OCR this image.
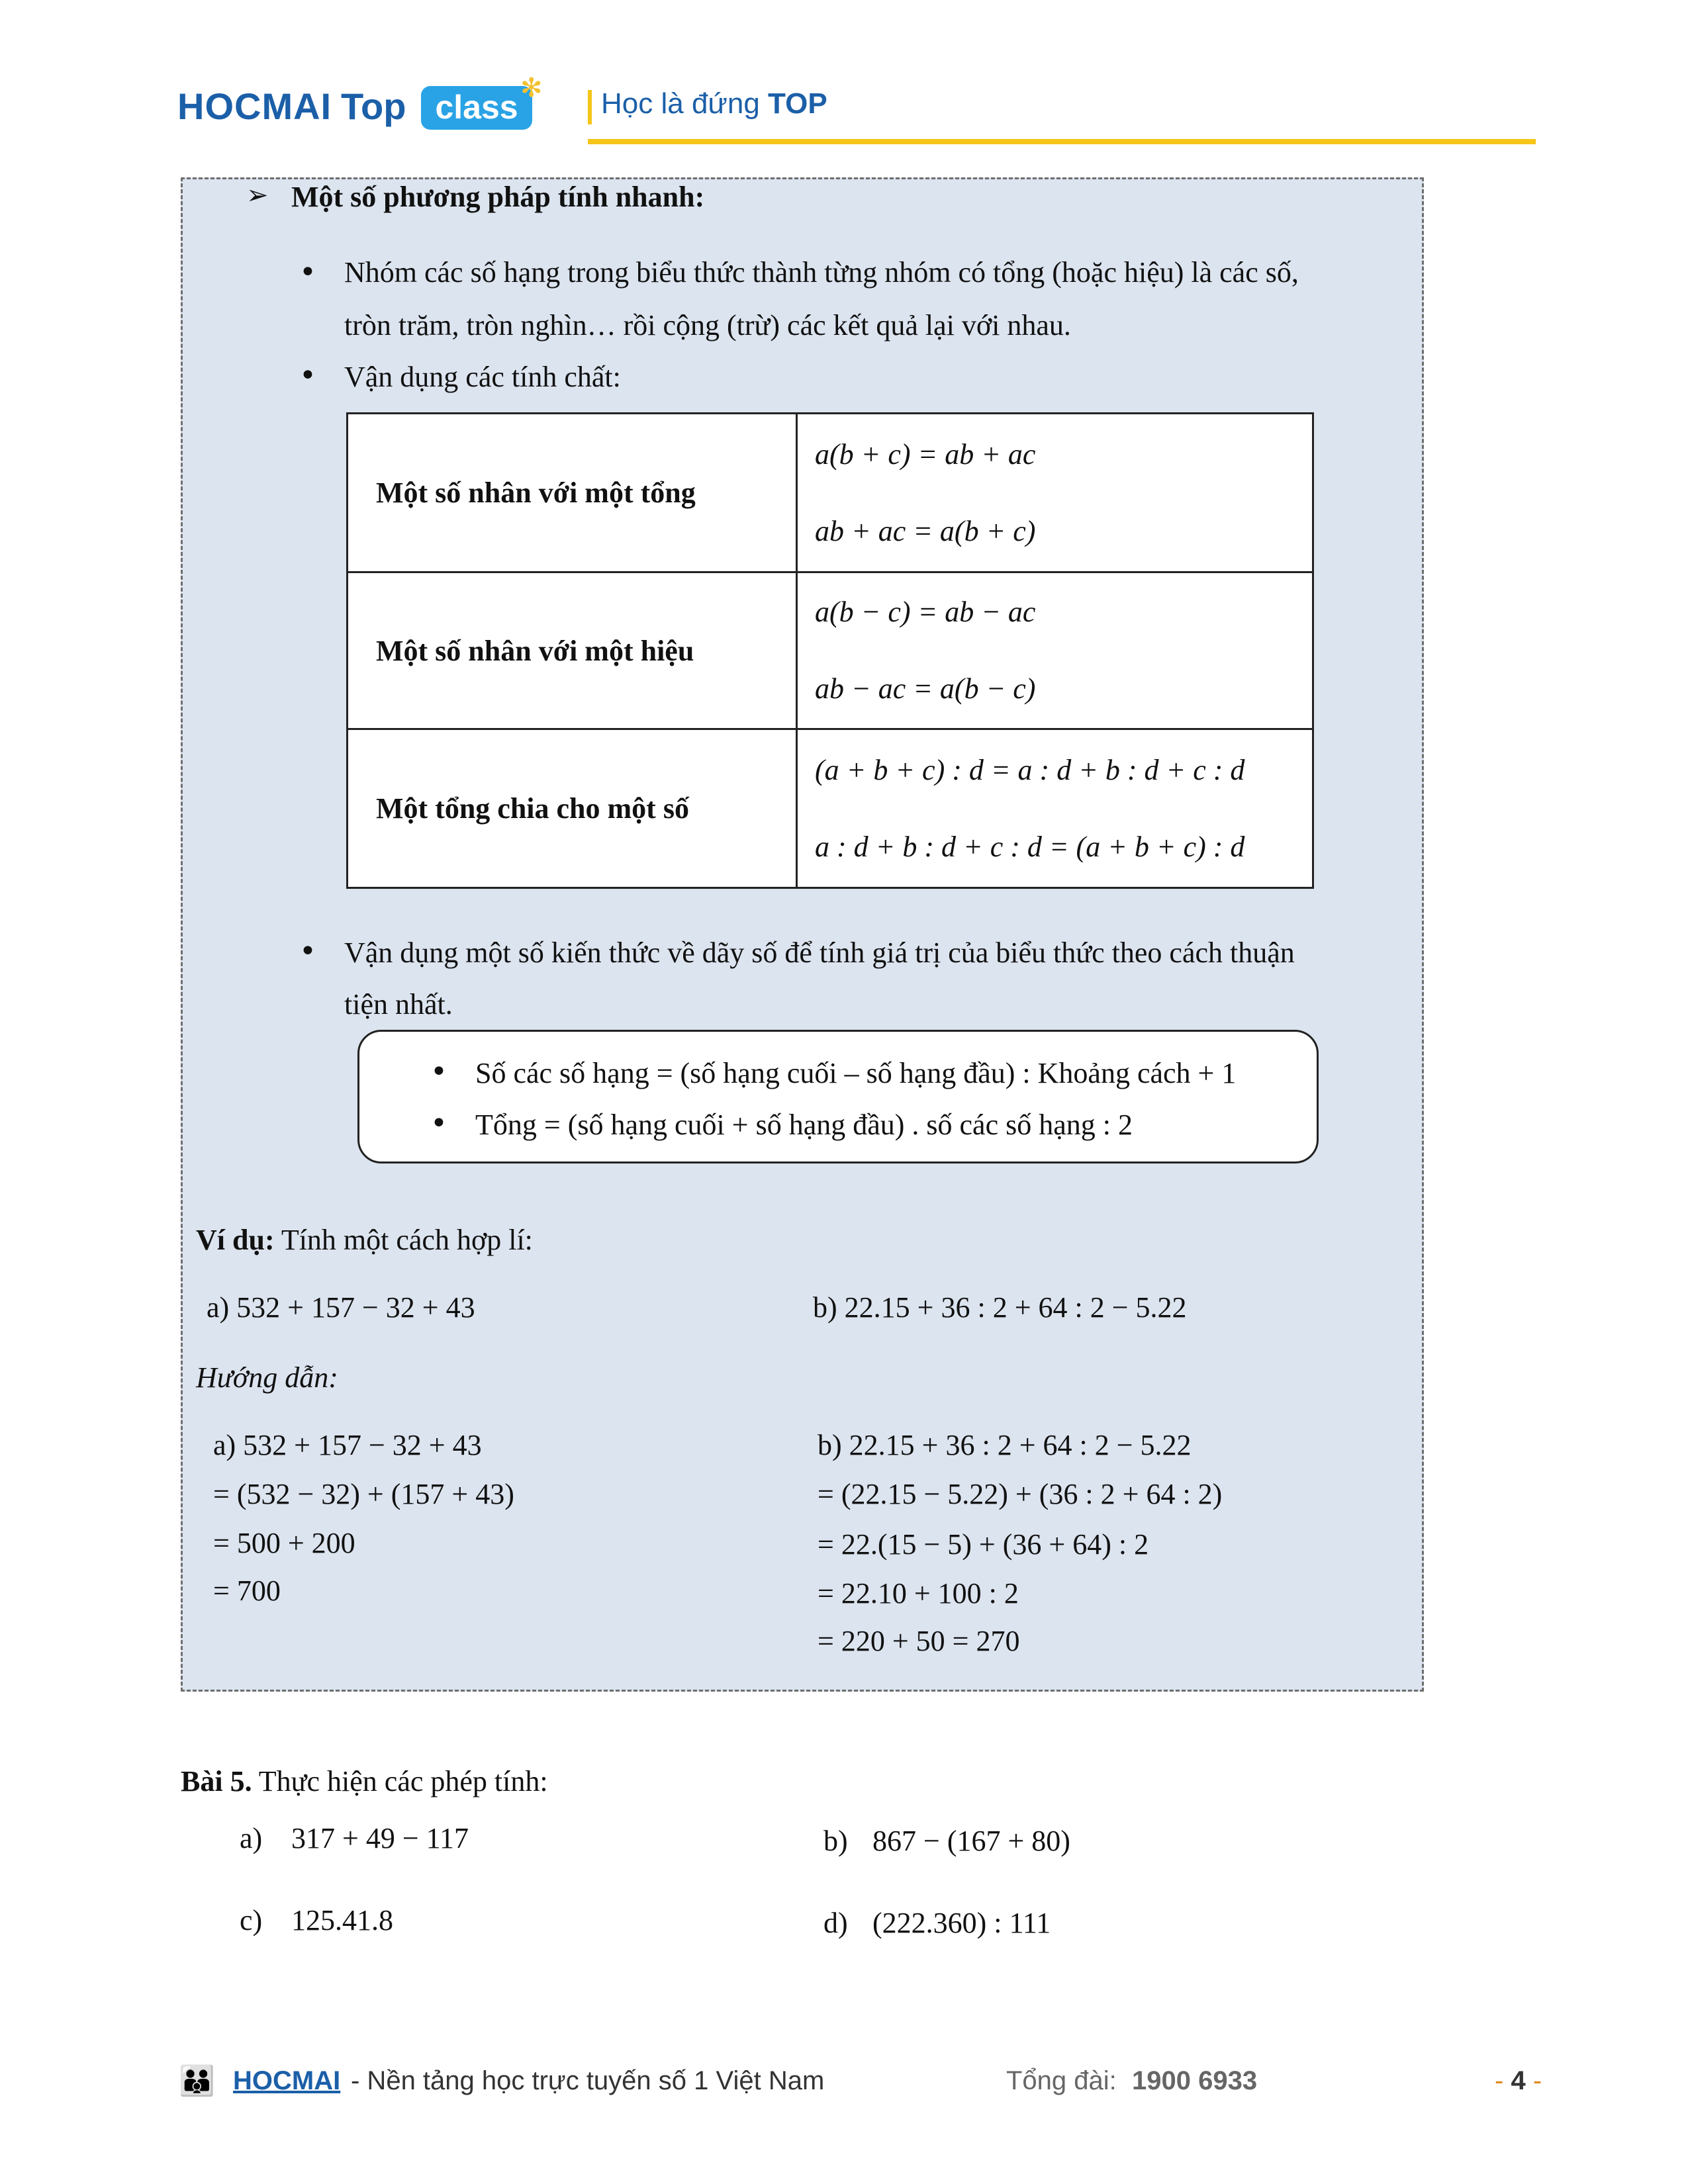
HOCMAI Top class
✻ Học là đứng TOP
➢ Một số phương pháp tính nhanh:
• Nhóm các số hạng trong biểu thức thành từng nhóm có tổng (hoặc hiệu) là các số,
tròn trăm, tròn nghìn… rồi cộng (trừ) các kết quả lại với nhau.
• Vận dụng các tính chất:
Một số nhân với một tổng	a(b + c) = ab + ac
ab + ac = a(b + c)

Một số nhân với một hiệu	a(b − c) = ab − ac
ab − ac = a(b − c)

Một tổng chia cho một số	(a + b + c) : d = a : d + b : d + c : d
a : d + b : d + c : d = (a + b + c) : d
• Vận dụng một số kiến thức về dãy số để tính giá trị của biểu thức theo cách thuận
tiện nhất.
• Số các số hạng = (số hạng cuối – số hạng đầu) : Khoảng cách + 1
• Tổng = (số hạng cuối + số hạng đầu) . số các số hạng : 2
Ví dụ: Tính một cách hợp lí:
a) 532 + 157 − 32 + 43	b) 22.15 + 36 : 2 + 64 : 2 − 5.22
Hướng dẫn:
a) 532 + 157 − 32 + 43
= (532 − 32) + (157 + 43)
= 500 + 200
= 700
b) 22.15 + 36 : 2 + 64 : 2 − 5.22
= (22.15 − 5.22) + (36 : 2 + 64 : 2)
= 22.(15 − 5) + (36 + 64) : 2
= 22.10 + 100 : 2
= 220 + 50 = 270
Bài 5. Thực hiện các phép tính:
a) 317 + 49 − 117	b) 867 − (167 + 80)
c) 125.41.8	d) (222.360) : 111
👪 HOCMAI - Nền tảng học trực tuyến số 1 Việt Nam	Tổng đài: 1900 6933	- 4 -
